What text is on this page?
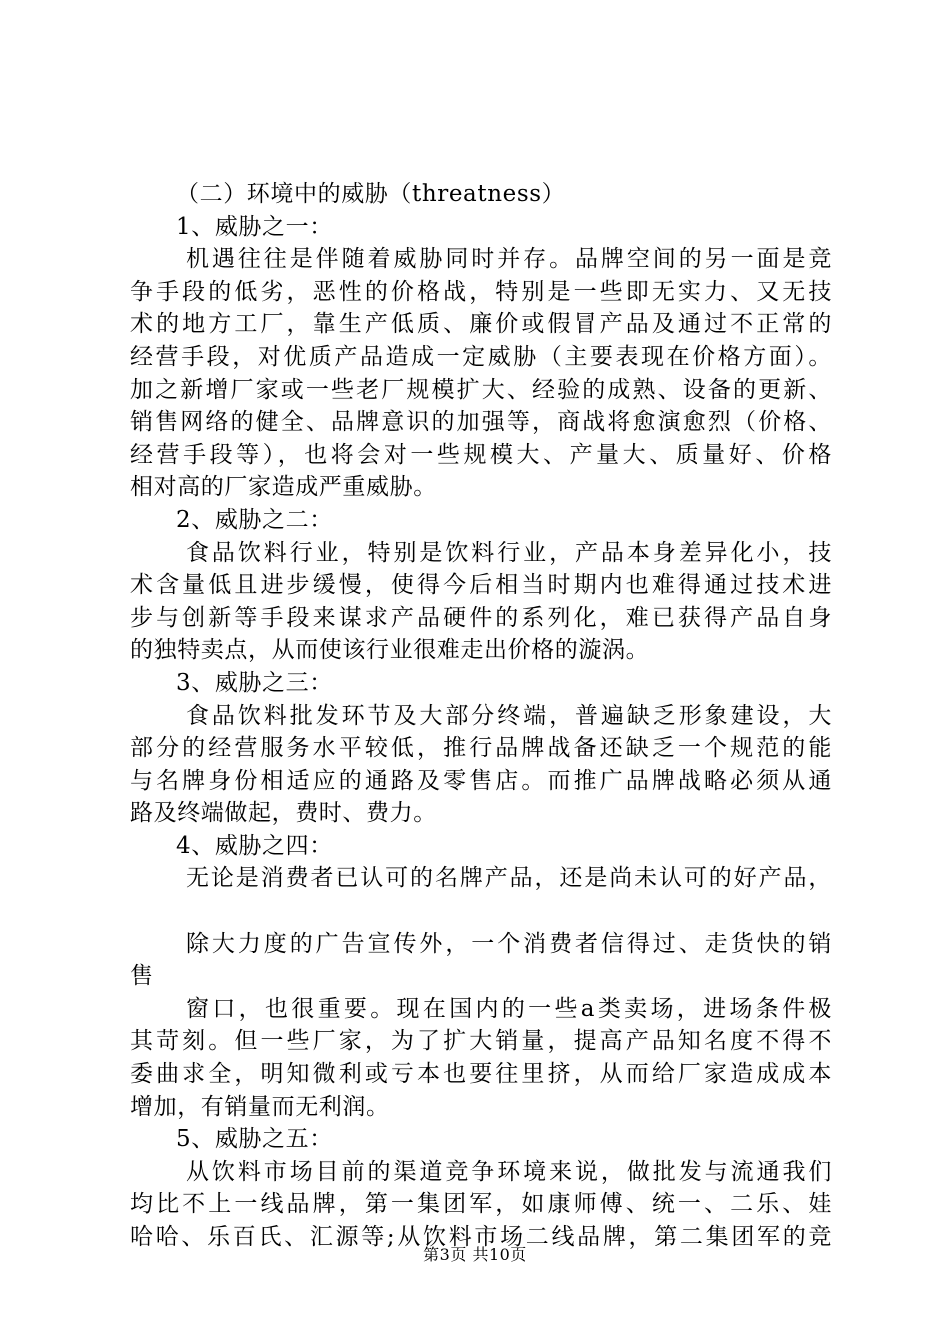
（二）环境中的威胁（threatness）
1、威胁之一：
机遇往往是伴随着威胁同时并存。品牌空间的另一面是竞
争手段的低劣，恶性的价格战，特别是一些即无实力、又无技
术的地方工厂，靠生产低质、廉价或假冒产品及通过不正常的
经营手段，对优质产品造成一定威胁（主要表现在价格方面）。
加之新增厂家或一些老厂规模扩大、经验的成熟、设备的更新、
销售网络的健全、品牌意识的加强等，商战将愈演愈烈（价格、
经营手段等），也将会对一些规模大、产量大、质量好、价格
相对高的厂家造成严重威胁。
2、威胁之二：
食品饮料行业，特别是饮料行业，产品本身差异化小，技
术含量低且进步缓慢，使得今后相当时期内也难得通过技术进
步与创新等手段来谋求产品硬件的系列化，难已获得产品自身
的独特卖点，从而使该行业很难走出价格的漩涡。
3、威胁之三：
食品饮料批发环节及大部分终端，普遍缺乏形象建设，大
部分的经营服务水平较低，推行品牌战备还缺乏一个规范的能
与名牌身份相适应的通路及零售店。而推广品牌战略必须从通
路及终端做起，费时、费力。
4、威胁之四：
无论是消费者已认可的名牌产品，还是尚未认可的好产品，
除大力度的广告宣传外，一个消费者信得过、走货快的销
售
窗口，也很重要。现在国内的一些a类卖场，进场条件极
其苛刻。但一些厂家，为了扩大销量，提高产品知名度不得不
委曲求全，明知微利或亏本也要往里挤，从而给厂家造成成本
增加，有销量而无利润。
5、威胁之五：
从饮料市场目前的渠道竞争环境来说，做批发与流通我们
均比不上一线品牌，第一集团军，如康师傅、统一、二乐、娃
哈哈、乐百氏、汇源等;从饮料市场二线品牌，第二集团军的竞
第3页 共10页
